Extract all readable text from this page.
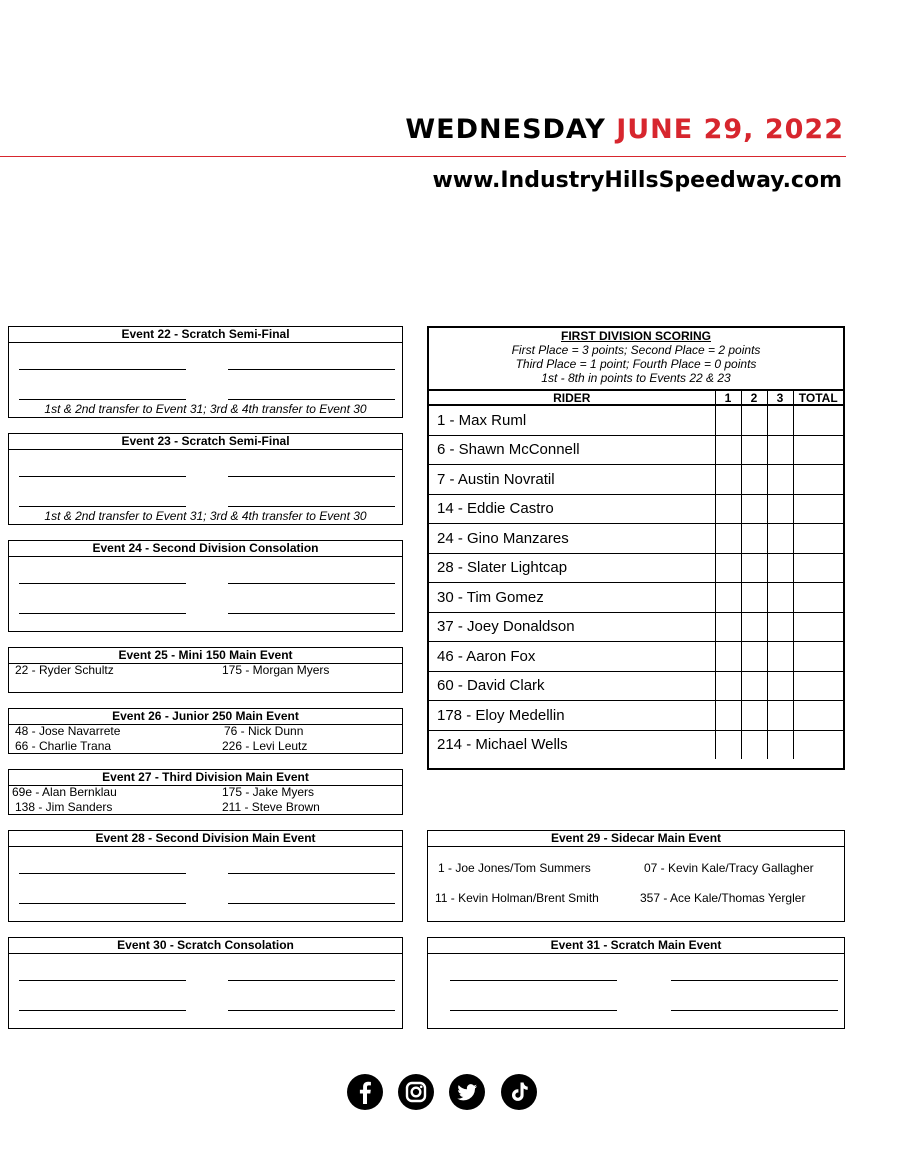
WEDNESDAY JUNE 29, 2022
www.IndustryHillsSpeedway.com
Event 22 - Scratch Semi-Final
1st & 2nd transfer to Event 31; 3rd & 4th transfer to Event 30
Event 23 - Scratch Semi-Final
1st & 2nd transfer to Event 31; 3rd & 4th transfer to Event 30
Event 24 - Second Division Consolation
Event 25 - Mini 150 Main Event
22 - Ryder Schultz	175 - Morgan Myers
Event 26 - Junior 250 Main Event
48 - Jose Navarrete	76 - Nick Dunn
66 - Charlie Trana	226 - Levi Leutz
Event 27 - Third Division Main Event
69e - Alan Bernklau	175 - Jake Myers
138 - Jim Sanders	211 - Steve Brown
Event 28 - Second Division Main Event
Event 30 - Scratch Consolation
Event 29 - Sidecar Main Event
1 - Joe Jones/Tom Summers	07 - Kevin Kale/Tracy Gallagher
11 - Kevin Holman/Brent Smith	357 - Ace Kale/Thomas Yergler
Event 31 - Scratch Main Event
FIRST DIVISION SCORING
First Place = 3 points; Second Place = 2 points
Third Place = 1 point; Fourth Place = 0 points
1st - 8th in points to Events 22 & 23
RIDER	1	2	3	TOTAL
1 - Max Ruml				
6 - Shawn McConnell				
7 - Austin Novratil				
14 - Eddie Castro				
24 - Gino Manzares				
28 - Slater Lightcap				
30 - Tim Gomez				
37 - Joey Donaldson				
46 - Aaron Fox				
60 - David Clark				
178 - Eloy Medellin				
214 - Michael Wells				
